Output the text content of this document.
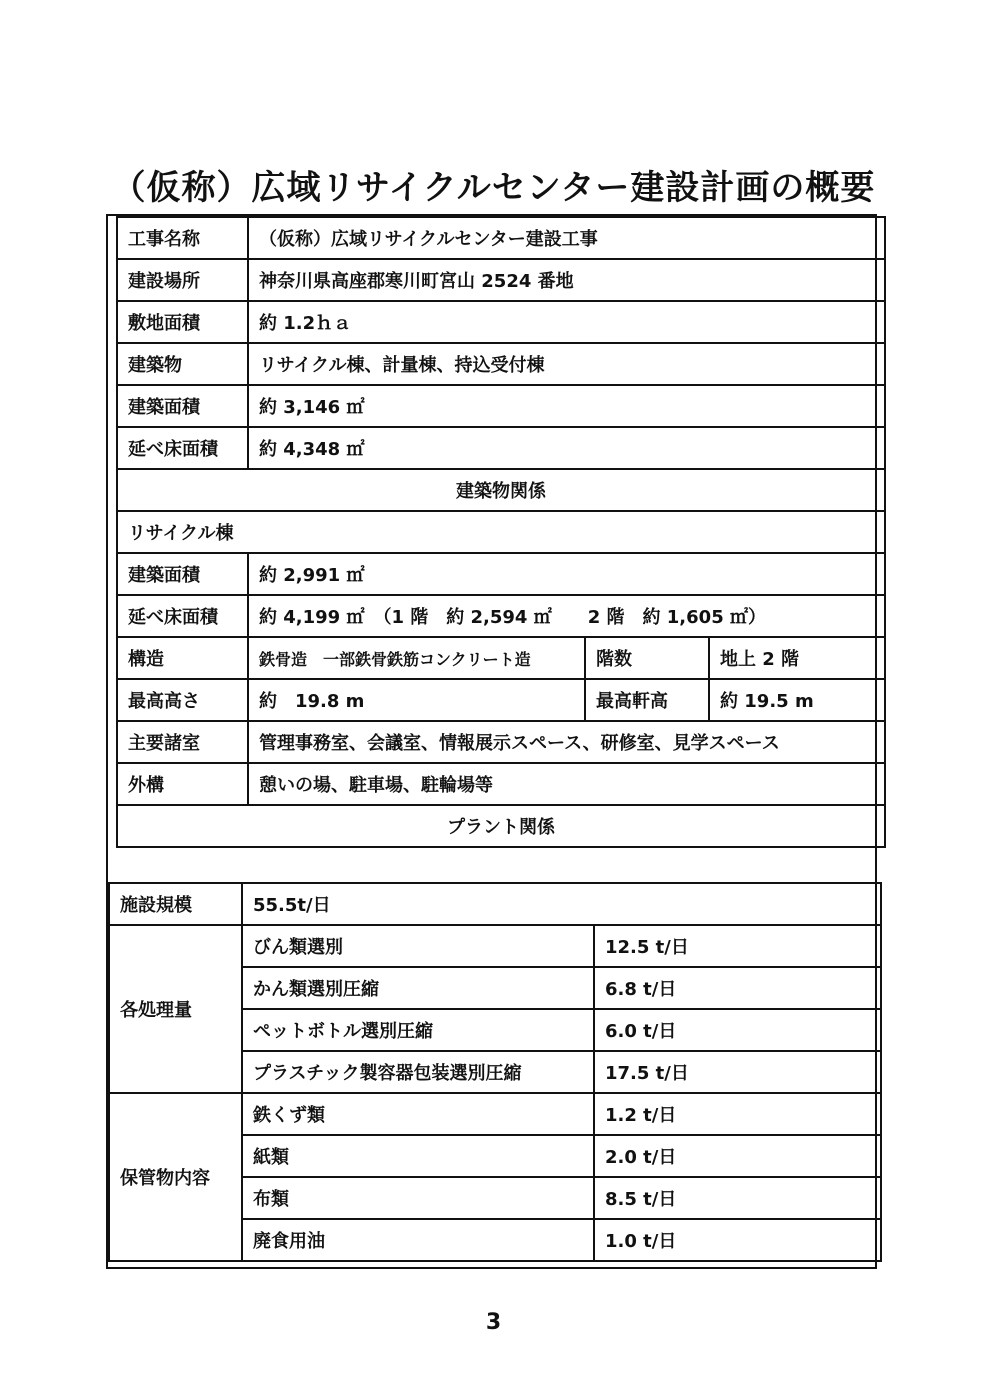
（仮称）広域リサイクルセンター建設計画の概要
工事名称	（仮称）広域リサイクルセンター建設工事		
建設場所	神奈川県高座郡寒川町宮山 2524 番地		
敷地面積	約 1.2ｈａ		
建築物	リサイクル棟、計量棟、持込受付棟		
建築面積	約 3,146 ㎡		
延べ床面積	約 4,348 ㎡		
建築物関係			
リサイクル棟			
建築面積	約 2,991 ㎡		
延べ床面積	約 4,199 ㎡　（1 階　約 2,594 ㎡　　2 階　約 1,605 ㎡）		
構造	鉄骨造　一部鉄骨鉄筋コンクリート造	階数	地上 2 階
最高高さ	約　19.8 m	最高軒高	約 19.5 m
主要諸室	管理事務室、会議室、情報展示スペース、研修室、見学スペース		
外構	憩いの場、駐車場、駐輪場等		
プラント関係			
施設規模	55.5t/日	
各処理量	びん類選別	12.5 t/日
	かん類選別圧縮	6.8 t/日
	ペットボトル選別圧縮	6.0 t/日
	プラスチック製容器包装選別圧縮	17.5 t/日
保管物内容	鉄くず類	1.2 t/日
	紙類	2.0 t/日
	布類	8.5 t/日
	廃食用油	1.0 t/日
3
